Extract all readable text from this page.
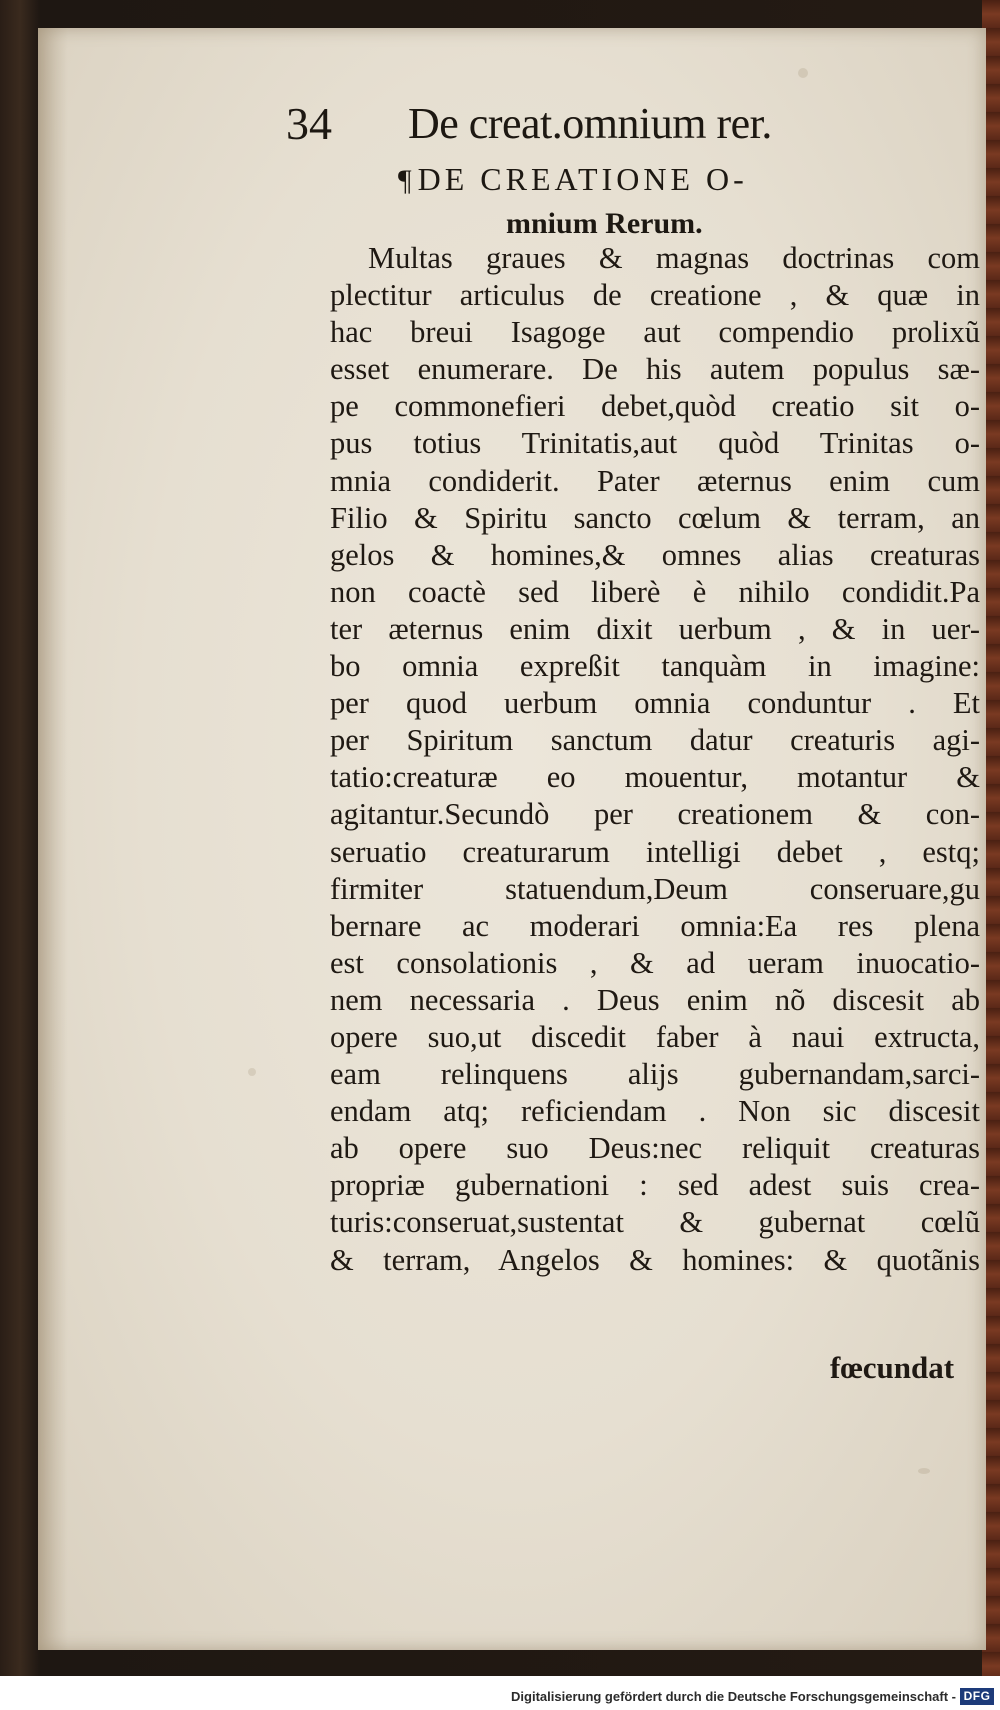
34 De creat.omnium rer.
¶DE CREATIONE O-
mnium Rerum.
Multas graues & magnas doctrinas com
plectitur articulus de creatione , & quæ in
hac breui Isagoge aut compendio prolixũ
esset enumerare. De his autem populus sæ-
pe commonefieri debet,quòd creatio sit o-
pus totius Trinitatis,aut quòd Trinitas o-
mnia condiderit. Pater æternus enim cum
Filio & Spiritu sancto cœlum & terram, an
gelos & homines,& omnes alias creaturas
non coactè sed liberè è nihilo condidit.Pa
ter æternus enim dixit uerbum , & in uer-
bo omnia expreßit tanquàm in imagine:
per quod uerbum omnia conduntur . Et
per Spiritum sanctum datur creaturis agi-
tatio:creaturæ eo mouentur, motantur &
agitantur.Secundò per creationem & con-
seruatio creaturarum intelligi debet , estq;
firmiter statuendum,Deum conseruare,gu
bernare ac moderari omnia:Ea res plena
est consolationis , & ad ueram inuocatio-
nem necessaria . Deus enim nõ discesit ab
opere suo,ut discedit faber à naui extructa,
eam relinquens alijs gubernandam,sarci-
endam atq; reficiendam . Non sic discesit
ab opere suo Deus:nec reliquit creaturas
propriæ gubernationi : sed adest suis crea-
turis:conseruat,sustentat & gubernat cœlũ
& terram, Angelos & homines: & quotãnis
fœcundat
Digitalisierung gefördert durch die Deutsche Forschungsgemeinschaft - DFG
